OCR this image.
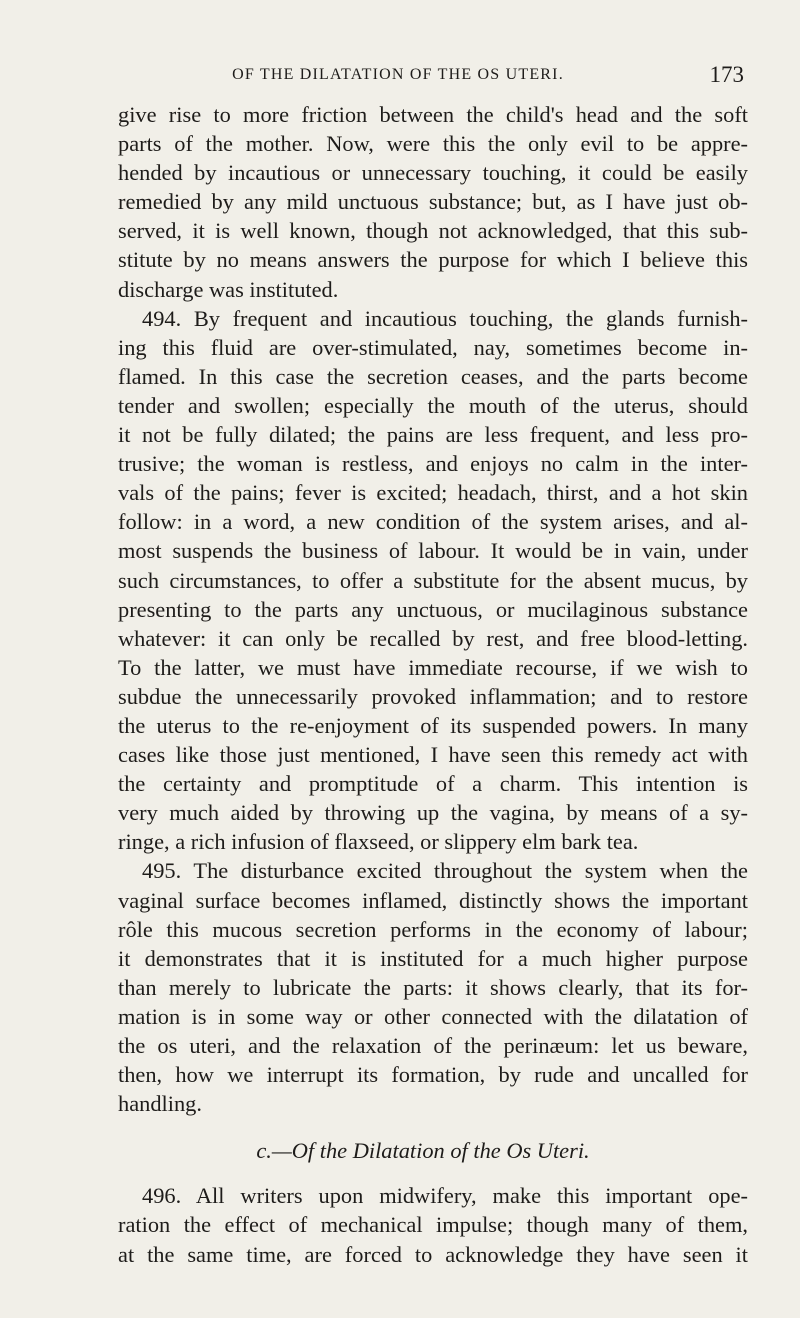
OF THE DILATATION OF THE OS UTERI.	173
give rise to more friction between the child's head and the soft
parts of the mother. Now, were this the only evil to be appre-
hended by incautious or unnecessary touching, it could be easily
remedied by any mild unctuous substance; but, as I have just ob-
served, it is well known, though not acknowledged, that this sub-
stitute by no means answers the purpose for which I believe this
discharge was instituted.
494. By frequent and incautious touching, the glands furnish-
ing this fluid are over-stimulated, nay, sometimes become in-
flamed. In this case the secretion ceases, and the parts become
tender and swollen; especially the mouth of the uterus, should
it not be fully dilated; the pains are less frequent, and less pro-
trusive; the woman is restless, and enjoys no calm in the inter-
vals of the pains; fever is excited; headach, thirst, and a hot skin
follow: in a word, a new condition of the system arises, and al-
most suspends the business of labour. It would be in vain, under
such circumstances, to offer a substitute for the absent mucus, by
presenting to the parts any unctuous, or mucilaginous substance
whatever: it can only be recalled by rest, and free blood-letting.
To the latter, we must have immediate recourse, if we wish to
subdue the unnecessarily provoked inflammation; and to restore
the uterus to the re-enjoyment of its suspended powers. In many
cases like those just mentioned, I have seen this remedy act with
the certainty and promptitude of a charm. This intention is
very much aided by throwing up the vagina, by means of a sy-
ringe, a rich infusion of flaxseed, or slippery elm bark tea.
495. The disturbance excited throughout the system when the
vaginal surface becomes inflamed, distinctly shows the important
rôle this mucous secretion performs in the economy of labour;
it demonstrates that it is instituted for a much higher purpose
than merely to lubricate the parts: it shows clearly, that its for-
mation is in some way or other connected with the dilatation of
the os uteri, and the relaxation of the perinæum: let us beware,
then, how we interrupt its formation, by rude and uncalled for
handling.
c.—Of the Dilatation of the Os Uteri.
496. All writers upon midwifery, make this important ope-
ration the effect of mechanical impulse; though many of them,
at the same time, are forced to acknowledge they have seen it
